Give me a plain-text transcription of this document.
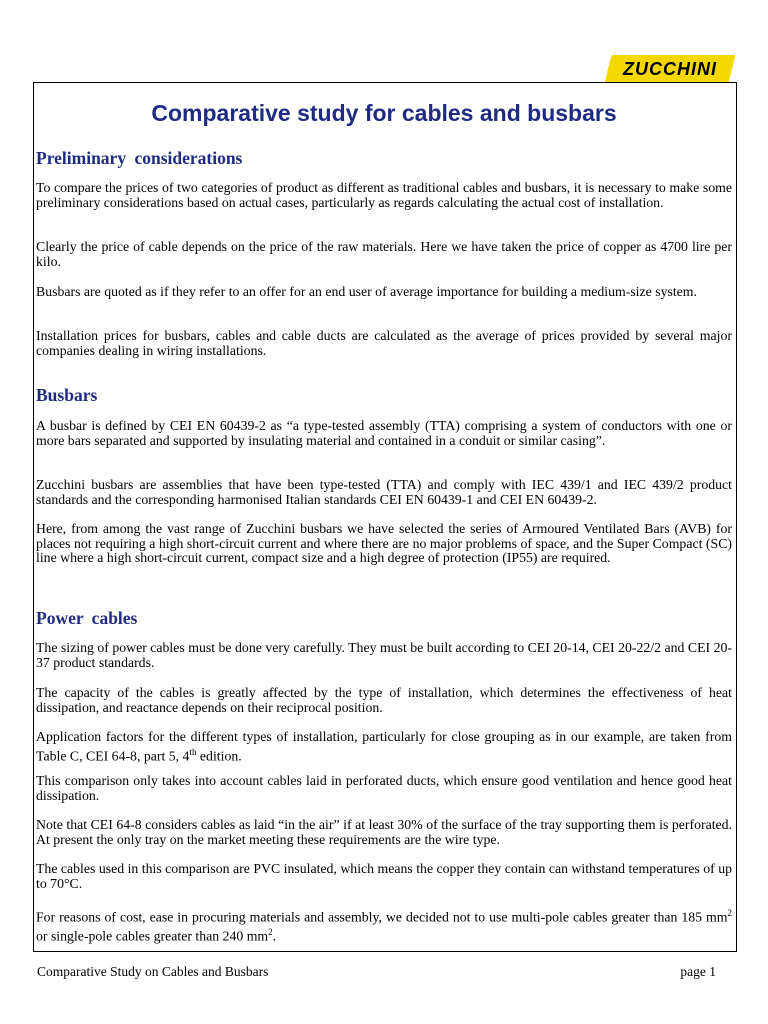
ZUCCHINI
Comparative study for cables and busbars
Preliminary considerations

To compare the prices of two categories of product as different as traditional cables and busbars, it is necessary to make some preliminary considerations based on actual cases, particularly as regards calculating the actual cost of installation.

Clearly the price of cable depends on the price of the raw materials. Here we have taken the price of copper as 4700 lire per kilo.

Busbars are quoted as if they refer to an offer for an end user of average importance for building a medium-size system.

Installation prices for busbars, cables and cable ducts are calculated as the average of prices provided by several major companies dealing in wiring installations.

Busbars

A busbar is defined by CEI EN 60439-2 as “a type-tested assembly (TTA) comprising a system of conductors with one or more bars separated and supported by insulating material and contained in a conduit or similar casing”.

Zucchini busbars are assemblies that have been type-tested (TTA) and comply with IEC 439/1 and IEC 439/2 product standards and the corresponding harmonised Italian standards CEI EN 60439-1 and CEI EN 60439-2.

Here, from among the vast range of Zucchini busbars we have selected the series of Armoured Ventilated Bars (AVB) for places not requiring a high short-circuit current and where there are no major problems of space, and the Super Compact (SC) line where a high short-circuit current, compact size and a high degree of protection (IP55) are required.

Power cables

The sizing of power cables must be done very carefully. They must be built according to CEI 20-14, CEI 20-22/2 and CEI 20-37 product standards.

The capacity of the cables is greatly affected by the type of installation, which determines the effectiveness of heat dissipation, and reactance depends on their reciprocal position.

Application factors for the different types of installation, particularly for close grouping as in our example, are taken from Table C, CEI 64-8, part 5, 4th edition.

This comparison only takes into account cables laid in perforated ducts, which ensure good ventilation and hence good heat dissipation.

Note that CEI 64-8 considers cables as laid “in the air” if at least 30% of the surface of the tray supporting them is perforated. At present the only tray on the market meeting these requirements are the wire type.

The cables used in this comparison are PVC insulated, which means the copper they contain can withstand temperatures of up to 70°C.

For reasons of cost, ease in procuring materials and assembly, we decided not to use multi-pole cables greater than 185 $mm^2$ or single-pole cables greater than 240 $mm^2$.

Comparative Study on Cables and Busbars	page 1
